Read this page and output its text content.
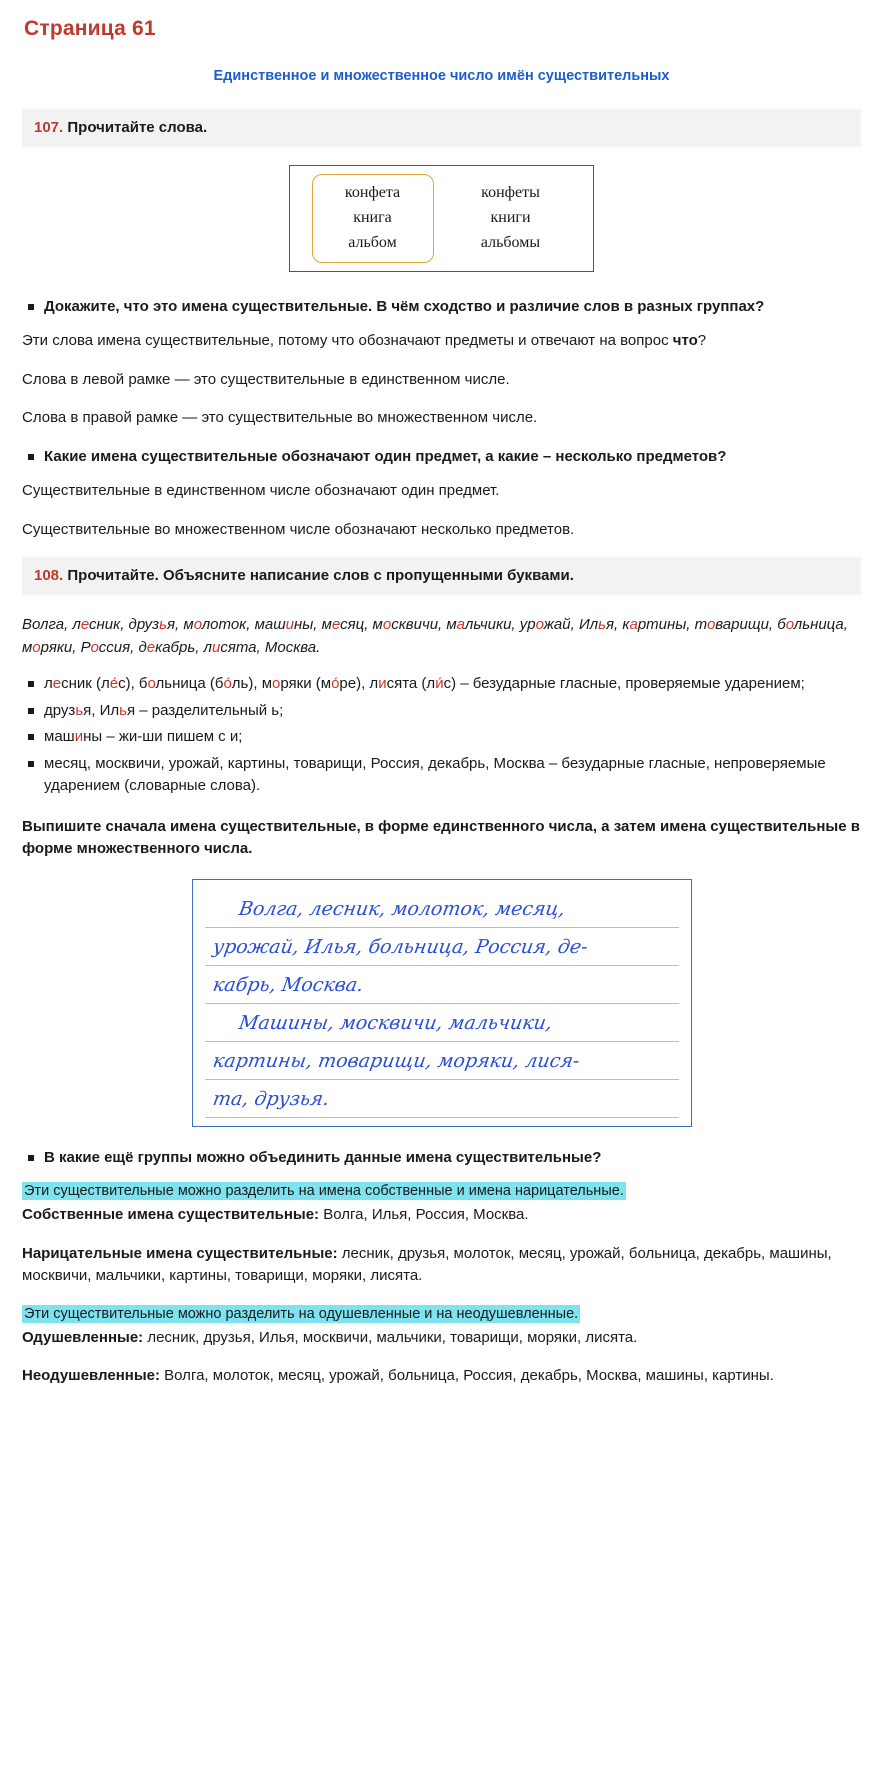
Страница 61
Единственное и множественное число имён существительных
107. Прочитайте слова.
конфета
книга
альбом
конфеты
книги
альбомы
Докажите, что это имена существительные. В чём сходство и различие слов в разных группах?

Эти слова имена существительные, потому что обозначают предметы и отвечают на вопрос что?

Слова в левой рамке — это существительные в единственном числе.

Слова в правой рамке — это существительные во множественном числе.

Какие имена существительные обозначают один предмет, а какие – несколько предметов?

Существительные в единственном числе обозначают один предмет.

Существительные во множественном числе обозначают несколько предметов.

108. Прочитайте. Объясните написание слов с пропущенными буквами.
Волга, лесник, друзья, молоток, машины, месяц, москвичи, мальчики, урожай, Илья, картины, товарищи, больница, моряки, Россия, декабрь, лисята, Москва.
лесник (ле́с), больница (бо́ль), моряки (мо́ре), лисята (ли́с) – безударные гласные, проверяемые ударением;
друзья, Илья – разделительный ь;
машины – жи-ши пишем с и;
месяц, москвичи, урожай, картины, товарищи, Россия, декабрь, Москва – безударные гласные, непроверяемые ударением (словарные слова).

Выпишите сначала имена существительные, в форме единственного числа, а затем имена существительные в форме множественного числа.

Волга, лесник, молоток, месяц,
урожай, Илья, больница, Россия, де-
кабрь, Москва.
Машины, москвичи, мальчики,
картины, товарищи, моряки, лися-
та, друзья.
В какие ещё группы можно объединить данные имена существительные?
Эти существительные можно разделить на имена собственные и имена нарицательные.

Собственные имена существительные: Волга, Илья, Россия, Москва.

Нарицательные имена существительные: лесник, друзья, молоток, месяц, урожай, больница, декабрь, машины, москвичи, мальчики, картины, товарищи, моряки, лисята.

Эти существительные можно разделить на одушевленные и на неодушевленные.

Одушевленные: лесник, друзья, Илья, москвичи, мальчики, товарищи, моряки, лисята.

Неодушевленные: Волга, молоток, месяц, урожай, больница, Россия, декабрь, Москва, машины, картины.
